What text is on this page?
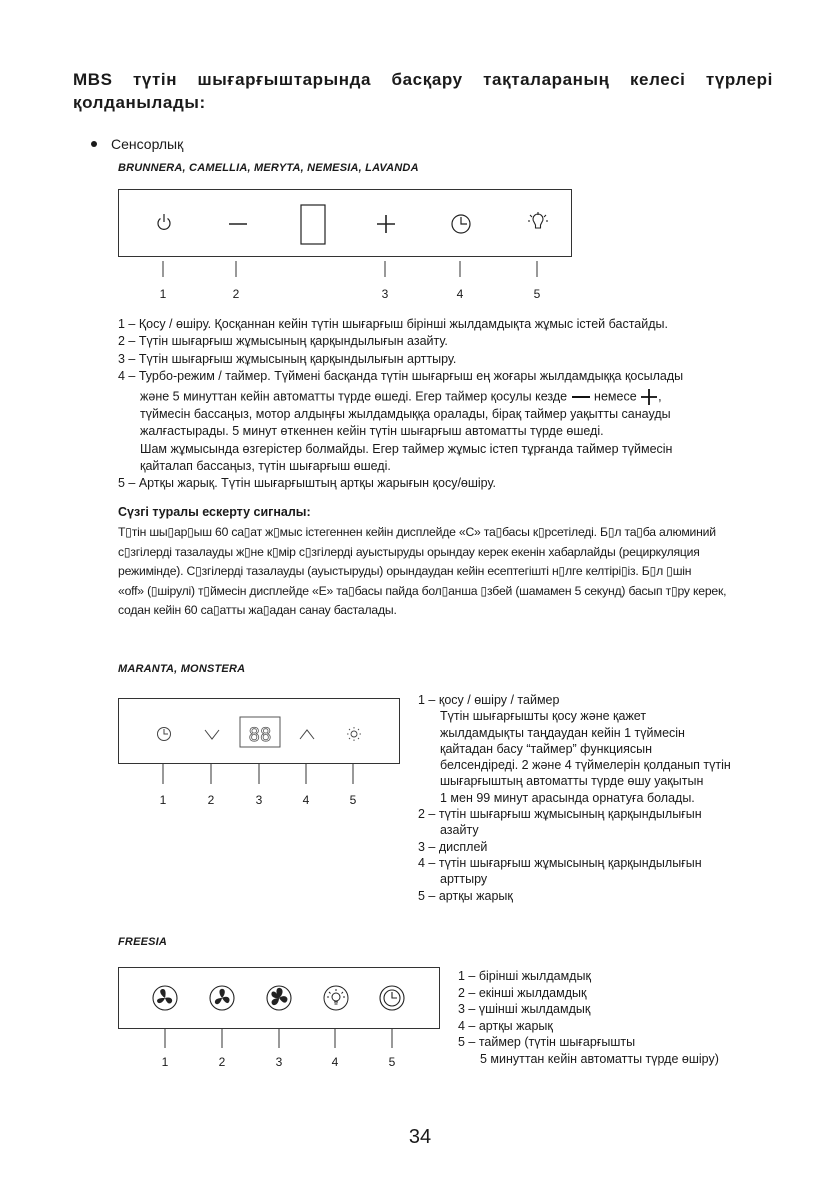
MBS түтін шығарғыштарында басқару тақталараның келесі түрлері қолданылады:
Сенсорлық
BRUNNERA, CAMELLIA, MERYTA, NEMESIA, LAVANDA
1	2	3	4	5

1 – Қосу / өшіру. Қосқаннан кейін түтін шығарғыш бірінші жылдамдықта жұмыс істей бастайды.

2 – Түтін шығарғыш жұмысының қарқындылығын азайту.

3 – Түтін шығарғыш жұмысының қарқындылығын арттыру.

4 – Турбо-режим / таймер. Түймені басқанда түтін шығарғыш ең жоғары жылдамдыққа қосылады

және 5 минуттан кейін автоматты түрде өшеді. Егер таймер қосулы кезде немесе ,

түймесін бассаңыз, мотор алдыңғы жылдамдыққа оралады, бірақ таймер уақытты санауды

жалғастырады. 5 минут өткеннен кейін түтін шығарғыш автоматты түрде өшеді.

Шам жұмысында өзгерістер болмайды. Егер таймер жұмыс істеп тұрғанда таймер түймесін

қайталап бассаңыз, түтін шығарғыш өшеді.

5 – Артқы жарық. Түтін шығарғыштың артқы жарығын қосу/өшіру.

Сүзгі туралы ескерту сигналы:

Т▯тін шы▯ар▯ыш 60 са▯ат ж▯мыс істегеннен кейін дисплейде «C» та▯басы к▯рсетіледі. Б▯л та▯ба алюминий

с▯згілерді тазалауды ж▯не к▯мір с▯згілерді ауыстыруды орындау керек екенін хабарлайды (рециркуляция

режимінде). С▯згілерді тазалауды (ауыстыруды) орындаудан кейін есептегішті н▯лге келтірі▯із. Б▯л ▯шін

«off» (▯шірулі) т▯ймесін дисплейде «E» та▯басы пайда бол▯анша ▯збей (шамамен 5 секунд) басып т▯ру керек,

содан кейін 60 са▯атты жа▯адан санау басталады.

MARANTA, MONSTERA
88
1	2	3	4	5

1 – қосу / өшіру / таймер

Түтін шығарғышты қосу және қажет

жылдамдықты таңдаудан кейін 1 түймесін

қайтадан басу “таймер” функциясын

белсендіреді. 2 және 4 түймелерін қолданып түтін

шығарғыштың автоматты түрде өшу уақытын

1 мен 99 минут арасында орнатуға болады.

2 – түтін шығарғыш жұмысының қарқындылығын

азайту

3 – дисплей

4 – түтін шығарғыш жұмысының қарқындылығын

арттыру

5 – артқы жарық

FREESIA
1	2	3	4	5

1 – бірінші жылдамдық

2 – екінші жылдамдық

3 – үшінші жылдамдық

4 – артқы жарық

5 – таймер (түтін шығарғышты

5 минуттан кейін автоматты түрде өшіру)

34
